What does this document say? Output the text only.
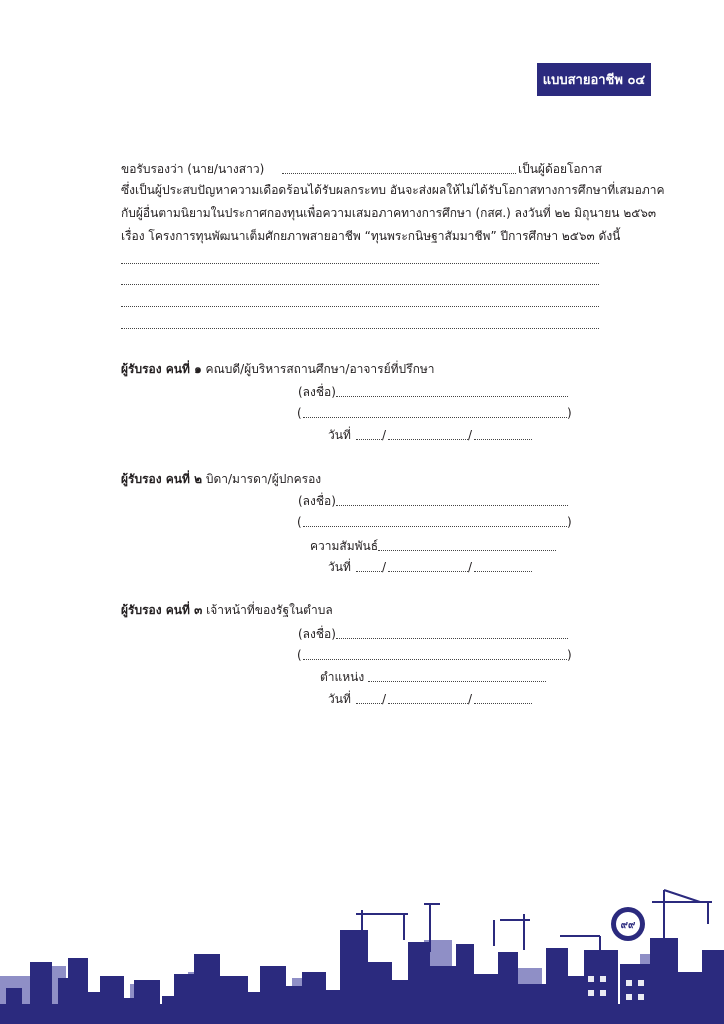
แบบสายอาชีพ ๐๔
ขอรับรองว่า (นาย/นางสาว)	เป็นผู้ด้อยโอกาส
ซึ่งเป็นผู้ประสบปัญหาความเดือดร้อนได้รับผลกระทบ อันจะส่งผลให้ไม่ได้รับโอกาสทางการศึกษาที่เสมอภาค
กับผู้อื่นตามนิยามในประกาศกองทุนเพื่อความเสมอภาคทางการศึกษา (กสศ.) ลงวันที่ ๒๒ มิถุนายน ๒๕๖๓
เรื่อง โครงการทุนพัฒนาเต็มศักยภาพสายอาชีพ “ทุนพระกนิษฐาสัมมาชีพ” ปีการศึกษา ๒๕๖๓ ดังนี้
ผู้รับรอง คนที่ ๑ คณบดี/ผู้บริหารสถานศึกษา/อาจารย์ที่ปรึกษา
(ลงชื่อ)
(	)
วันที่	/	/
ผู้รับรอง คนที่ ๒ บิดา/มารดา/ผู้ปกครอง
(ลงชื่อ)
(	)
ความสัมพันธ์
วันที่	/	/
ผู้รับรอง คนที่ ๓ เจ้าหน้าที่ของรัฐในตำบล
(ลงชื่อ)
(	)
ตำแหน่ง
วันที่	/	/
๙๙
